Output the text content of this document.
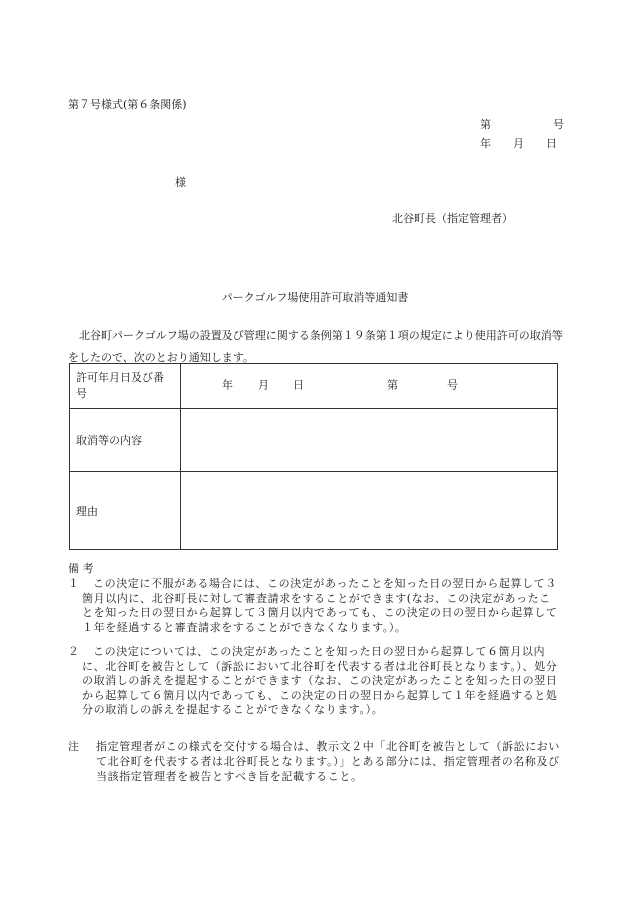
第７号様式(第６条関係)
第	号
年 月 日
様
北谷町長（指定管理者）
パークゴルフ場使用許可取消等通知書
北谷町パークゴルフ場の設置及び管理に関する条例第１９条第１項の規定により使用許可の取消等をしたので、次のとおり通知します。
許可年月日及び番号	年 月 日 第 号

取消等の内容	
理由	
備 考
１	この決定に不服がある場合には、この決定があったことを知った日の翌日から起算して３箇月以内に、北谷町長に対して審査請求をすることができます(なお、この決定があったことを知った日の翌日から起算して３箇月以内であっても、この決定の日の翌日から起算して１年を経過すると審査請求をすることができなくなります。）。
２	この決定については、この決定があったことを知った日の翌日から起算して６箇月以内に、北谷町を被告として（訴訟において北谷町を代表する者は北谷町長となります。）、処分の取消しの訴えを提起することができます（なお、この決定があったことを知った日の翌日から起算して６箇月以内であっても、この決定の日の翌日から起算して１年を経過すると処分の取消しの訴えを提起することができなくなります。）。
注 指定管理者がこの様式を交付する場合は、教示文２中「北谷町を被告として（訴訟において北谷町を代表する者は北谷町長となります。）」とある部分には、指定管理者の名称及び当該指定管理者を被告とすべき旨を記載すること。
